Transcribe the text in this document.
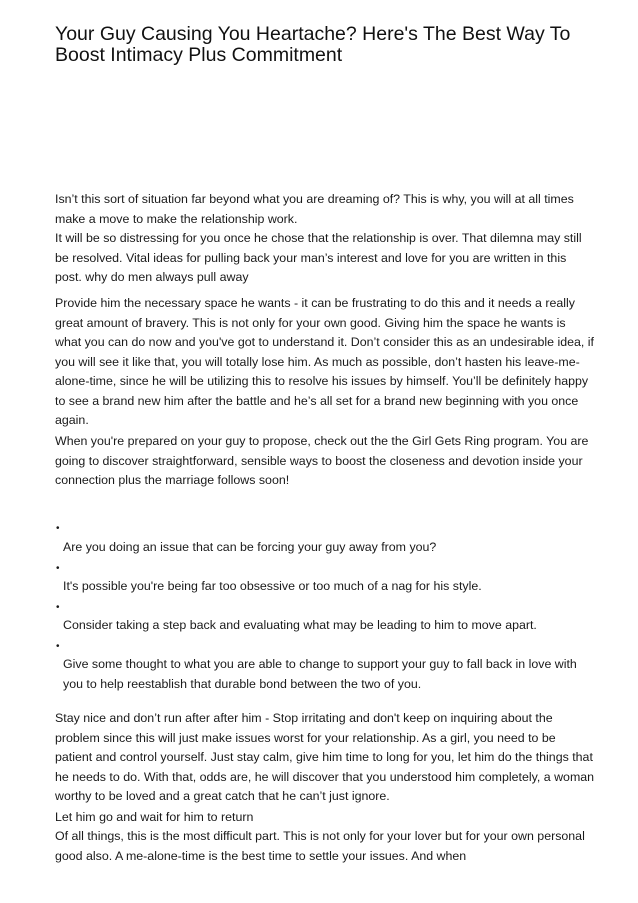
Your Guy Causing You Heartache? Here's The Best Way To Boost Intimacy Plus Commitment

Isn’t this sort of situation far beyond what you are dreaming of? This is why, you will at all times make a move to make the relationship work.

It will be so distressing for you once he chose that the relationship is over. That dilemna may still be resolved. Vital ideas for pulling back your man’s interest and love for you are written in this post. why do men always pull away

Provide him the necessary space he wants - it can be frustrating to do this and it needs a really great amount of bravery. This is not only for your own good. Giving him the space he wants is what you can do now and you've got to understand it. Don’t consider this as an undesirable idea, if you will see it like that, you will totally lose him. As much as possible, don’t hasten his leave-me-alone-time, since he will be utilizing this to resolve his issues by himself. You’ll be definitely happy to see a brand new him after the battle and he’s all set for a brand new beginning with you once again.

When you're prepared on your guy to propose, check out the the Girl Gets Ring program. You are going to discover straightforward, sensible ways to boost the closeness and devotion inside your connection plus the marriage follows soon!

•

Are you doing an issue that can be forcing your guy away from you?

•

It's possible you're being far too obsessive or too much of a nag for his style.

•

Consider taking a step back and evaluating what may be leading to him to move apart.

•

Give some thought to what you are able to change to support your guy to fall back in love with you to help reestablish that durable bond between the two of you.

Stay nice and don’t run after after him - Stop irritating and don't keep on inquiring about the problem since this will just make issues worst for your relationship. As a girl, you need to be patient and control yourself. Just stay calm, give him time to long for you, let him do the things that he needs to do. With that, odds are, he will discover that you understood him completely, a woman worthy to be loved and a great catch that he can’t just ignore.

Let him go and wait for him to return

Of all things, this is the most difficult part. This is not only for your lover but for your own personal good also. A me-alone-time is the best time to settle your issues. And when
